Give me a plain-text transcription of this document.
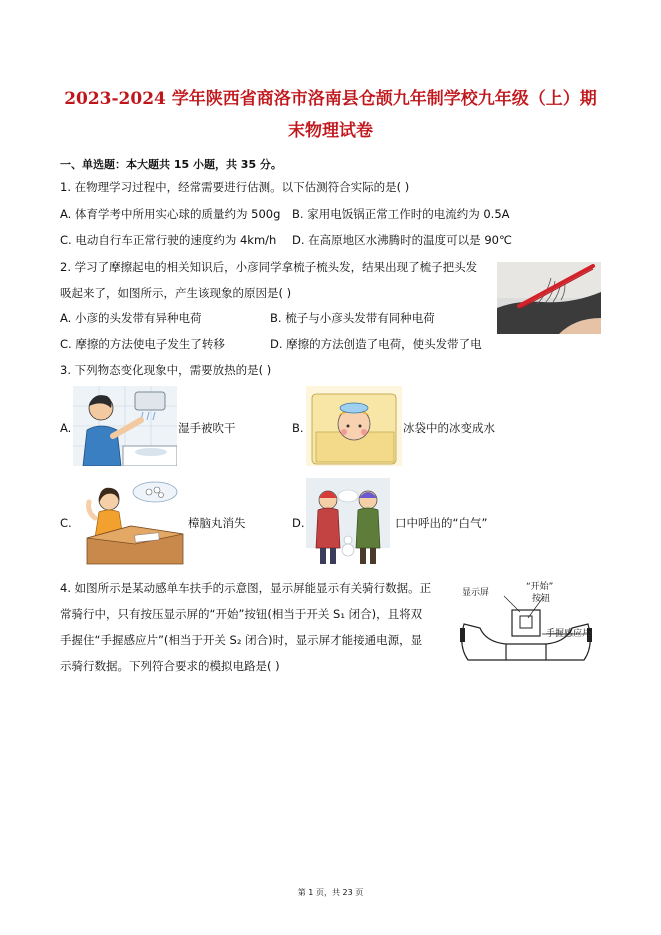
2023-2024 学年陕西省商洛市洛南县仓颉九年制学校九年级（上）期
末物理试卷
一、单选题：本大题共 15 小题，共 35 分。
1. 在物理学习过程中，经常需要进行估测。以下估测符合实际的是( )
A. 体育学考中所用实心球的质量约为 500g B. 家用电饭锅正常工作时的电流约为 0.5A
C. 电动自行车正常行驶的速度约为 4km/h D. 在高原地区水沸腾时的温度可以是 90℃
2. 学习了摩擦起电的相关知识后，小彦同学拿梳子梳头发，结果出现了梳子把头发
吸起来了，如图所示，产生该现象的原因是( )
A. 小彦的头发带有异种电荷	B. 梳子与小彦头发带有同种电荷
C. 摩擦的方法使电子发生了转移	D. 摩擦的方法创造了电荷，使头发带了电
3. 下列物态变化现象中，需要放热的是( )
A.	湿手被吹干	B.	冰袋中的冰变成水
C.	樟脑丸消失	D.	口中呼出的“白气”
4. 如图所示是某动感单车扶手的示意图，显示屏能显示有关骑行数据。正
常骑行中，只有按压显示屏的“开始”按钮(相当于开关 S₁ 闭合)，且将双
手握住“手握感应片”(相当于开关 S₂ 闭合)时，显示屏才能接通电源，显
示骑行数据。下列符合要求的模拟电路是( )
显示屏
“开始”
按钮
手握感应片
第 1 页，共 23 页
